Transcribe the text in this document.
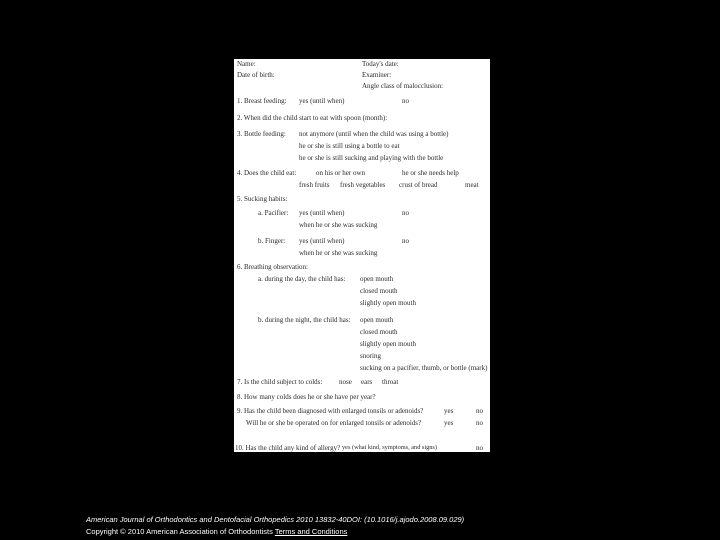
Name:	Today's date:
Date of birth:	Examiner:
Angle class of malocclusion:
1. Breast feeding: yes (until when)	no
2. When did the child start to eat with spoon (month):
3. Bottle feeding: not anymore (until when the child was using a bottle)
he or she is still using a bottle to eat
he or she is still sucking and playing with the bottle
4. Does the child eat:	on his or her own	he or she needs help
fresh fruits fresh vegetables crust of bread	meat
5. Sucking habits:
a. Pacifier: yes (until when)	no
when he or she was sucking
b. Finger: yes (until when)	no
when he or she was sucking
6. Breathing observation:
a. during the day, the child has: open mouth
closed mouth
slightly open mouth
b. during the night, the child has: open mouth
closed mouth
slightly open mouth
snoring
sucking on a pacifier, thumb, or bottle (mark)
7. Is the child subject to colds: nose ears throat
8. How many colds does he or she have per year?
9. Has the child been diagnosed with enlarged tonsils or adenoids?	yes	no
Will he or she be operated on for enlarged tonsils or adenoids?	yes	no
10. Has the child any kind of allergy? yes (what kind, symptoms, and signs)	no
American Journal of Orthodontics and Dentofacial Orthopedics 2010 13832-40DOI: (10.1016/j.ajodo.2008.09.029)
Copyright © 2010 American Association of Orthodontists Terms and Conditions
